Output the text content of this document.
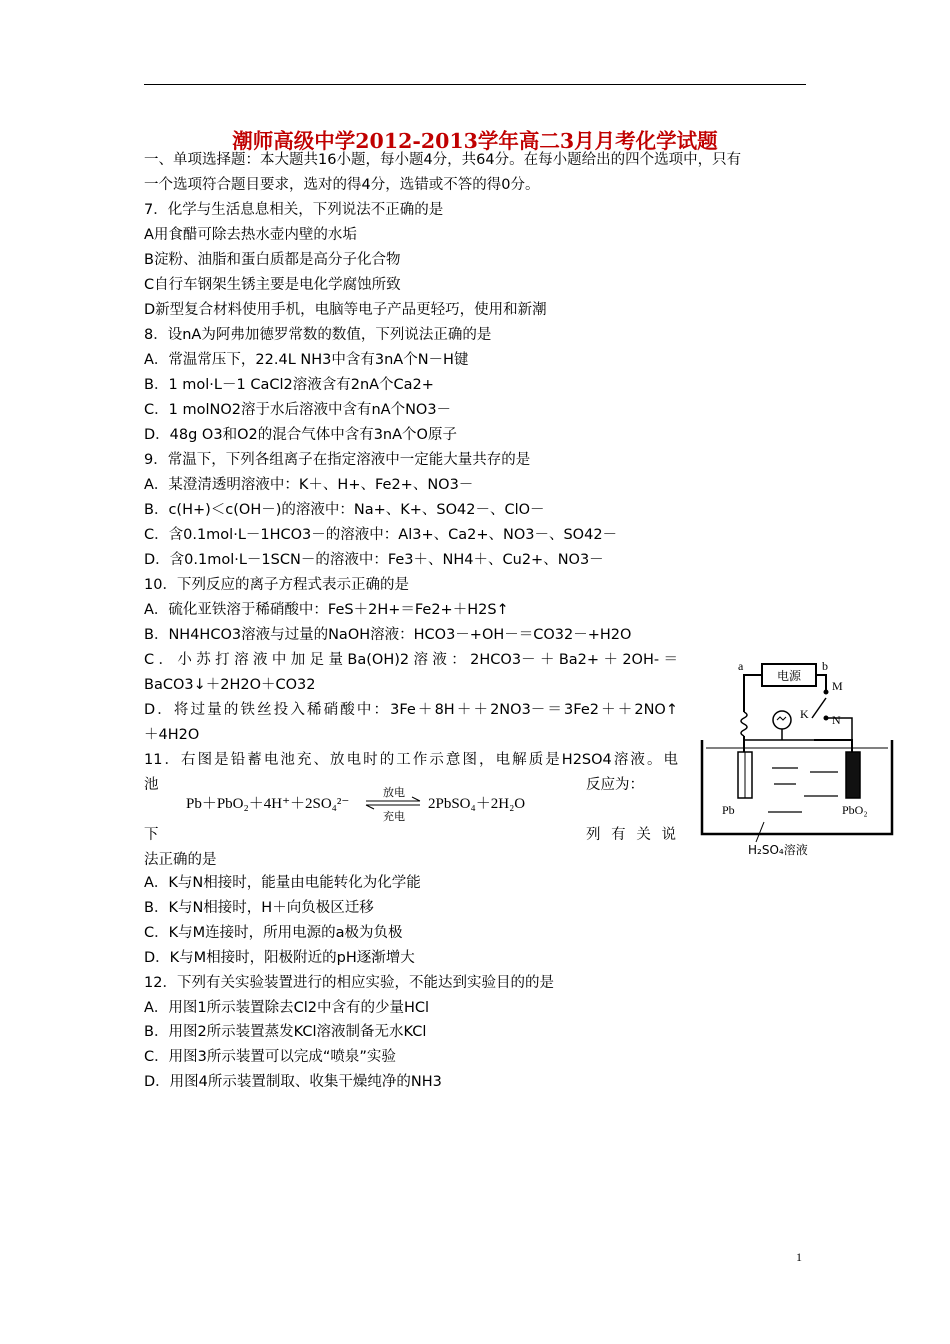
潮师高级中学2012-2013学年高二3月月考化学试题
一、单项选择题：本大题共16小题，每小题4分，共64分。在每小题给出的四个选项中，只有
一个选项符合题目要求，选对的得4分，选错或不答的得0分。
7．化学与生活息息相关，下列说法不正确的是
A用食醋可除去热水壶内壁的水垢
B淀粉、油脂和蛋白质都是高分子化合物
C自行车钢架生锈主要是电化学腐蚀所致
D新型复合材料使用手机，电脑等电子产品更轻巧，使用和新潮
8．设nA为阿弗加德罗常数的数值，下列说法正确的是
A．常温常压下，22.4L NH3中含有3nA个N－H键
B．1 mol·L－1 CaCl2溶液含有2nA个Ca2+
C．1 molNO2溶于水后溶液中含有nA个NO3－
D．48g O3和O2的混合气体中含有3nA个O原子
9．常温下，下列各组离子在指定溶液中一定能大量共存的是
A．某澄清透明溶液中：K＋、H+、Fe2+、NO3－
B．c(H+)＜c(OH－)的溶液中：Na+、K+、SO42－、ClO－
C．含0.1mol·L－1HCO3－的溶液中：Al3+、Ca2+、NO3－、SO42－
D．含0.1mol·L－1SCN－的溶液中：Fe3＋、NH4＋、Cu2+、NO3－
10．下列反应的离子方程式表示正确的是
A．硫化亚铁溶于稀硝酸中：FeS＋2H+＝Fe2+＋H2S↑
B．NH4HCO3溶液与过量的NaOH溶液：HCO3－+OH－＝CO32－+H2O
C．小苏打溶液中加足量Ba(OH)2溶液：2HCO3－＋Ba2+＋2OH-＝
BaCO3↓＋2H2O＋CO32
D．将过量的铁丝投入稀硝酸中：3Fe＋8H＋＋2NO3－＝3Fe2＋＋2NO↑
＋4H2O
11．右图是铅蓄电池充、放电时的工作示意图，电解质是H2SO4溶液。电
池	反应为：
Pb＋PbO₂＋4H⁺＋2SO₄²⁻
放电
充电
2PbSO₄＋2H₂O
下	列有关说
法正确的是
A．K与N相接时，能量由电能转化为化学能
B．K与N相接时，H＋向负极区迁移
C．K与M连接时，所用电源的a极为负极
D．K与M相接时，阳极附近的pH逐渐增大
12．下列有关实验装置进行的相应实验，不能达到实验目的的是
A．用图1所示装置除去Cl2中含有的少量HCl
B．用图2所示装置蒸发KCl溶液制备无水KCl
C．用图3所示装置可以完成“喷泉”实验
D．用图4所示装置制取、收集干燥纯净的NH3
a	b
电源
M
K N
Pb	PbO₂
H₂SO₄溶液
1
